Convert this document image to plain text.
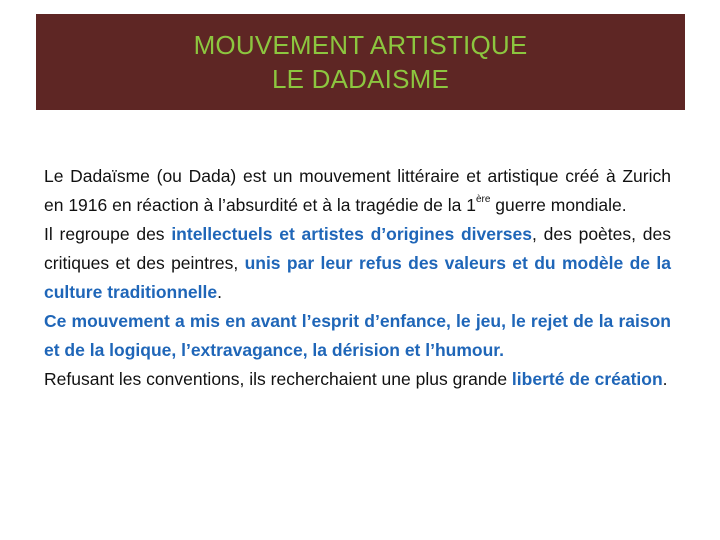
MOUVEMENT ARTISTIQUE
LE DADAISME

Le Dadaïsme (ou Dada) est un mouvement littéraire et artistique créé à Zurich en 1916 en réaction à l’absurdité et à la tragédie de la 1ère guerre mondiale.

Il regroupe des intellectuels et artistes d’origines diverses, des poètes, des critiques et des peintres, unis par leur refus des valeurs et du modèle de la culture traditionnelle.

Ce mouvement a mis en avant l’esprit d’enfance, le jeu, le rejet de la raison et de la logique, l’extravagance, la dérision et l’humour.

Refusant les conventions, ils recherchaient une plus grande liberté de création.
